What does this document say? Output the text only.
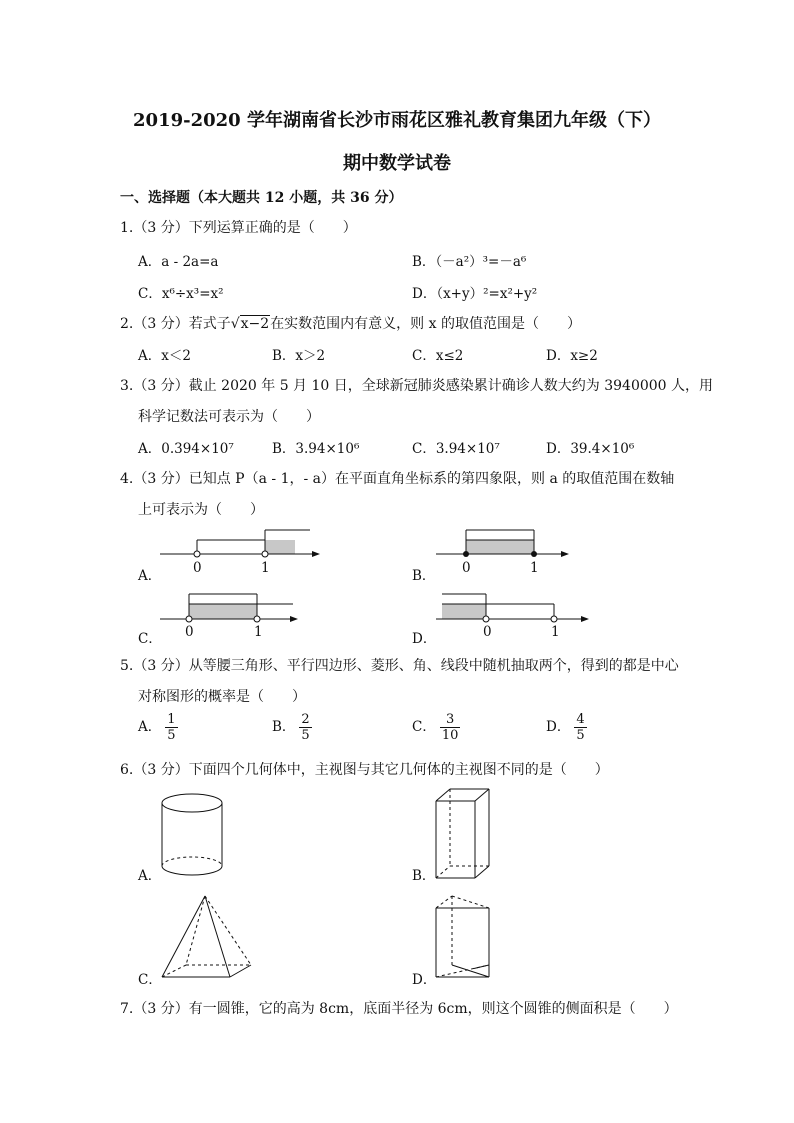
2019-2020 学年湖南省长沙市雨花区雅礼教育集团九年级（下）
期中数学试卷
一、选择题（本大题共 12 小题，共 36 分）
1.（3 分）下列运算正确的是（　　）
A．a - 2a=a	B．（－a²）³=－a⁶
C．x⁶÷x³=x²	D．（x+y）²=x²+y²
2.（3 分）若式子√x−2在实数范围内有意义，则 x 的取值范围是（　　）
A．x＜2	B．x＞2	C．x≤2	D．x≥2
3.（3 分）截止 2020 年 5 月 10 日，全球新冠肺炎感染累计确诊人数大约为 3940000 人，用
科学记数法可表示为（　　）
A．0.394×10⁷	B．3.94×10⁶	C．3.94×10⁷	D．39.4×10⁶
4.（3 分）已知点 P（a - 1，- a）在平面直角坐标系的第四象限，则 a 的取值范围在数轴
上可表示为（　　）
A． 0	1	B． 0	1
C． 0	1	D．	0	1
5.（3 分）从等腰三角形、平行四边形、菱形、角、线段中随机抽取两个，得到的都是中心
对称图形的概率是（　　）
A． $\frac{1}{5}$	B． $\frac{2}{5}$	C． $\frac{3}{10}$	D． $\frac{4}{5}$
6.（3 分）下面四个几何体中，主视图与其它几何体的主视图不同的是（　　）
A．	B．
C．	D．
7.（3 分）有一圆锥，它的高为 8cm，底面半径为 6cm，则这个圆锥的侧面积是（　　）
